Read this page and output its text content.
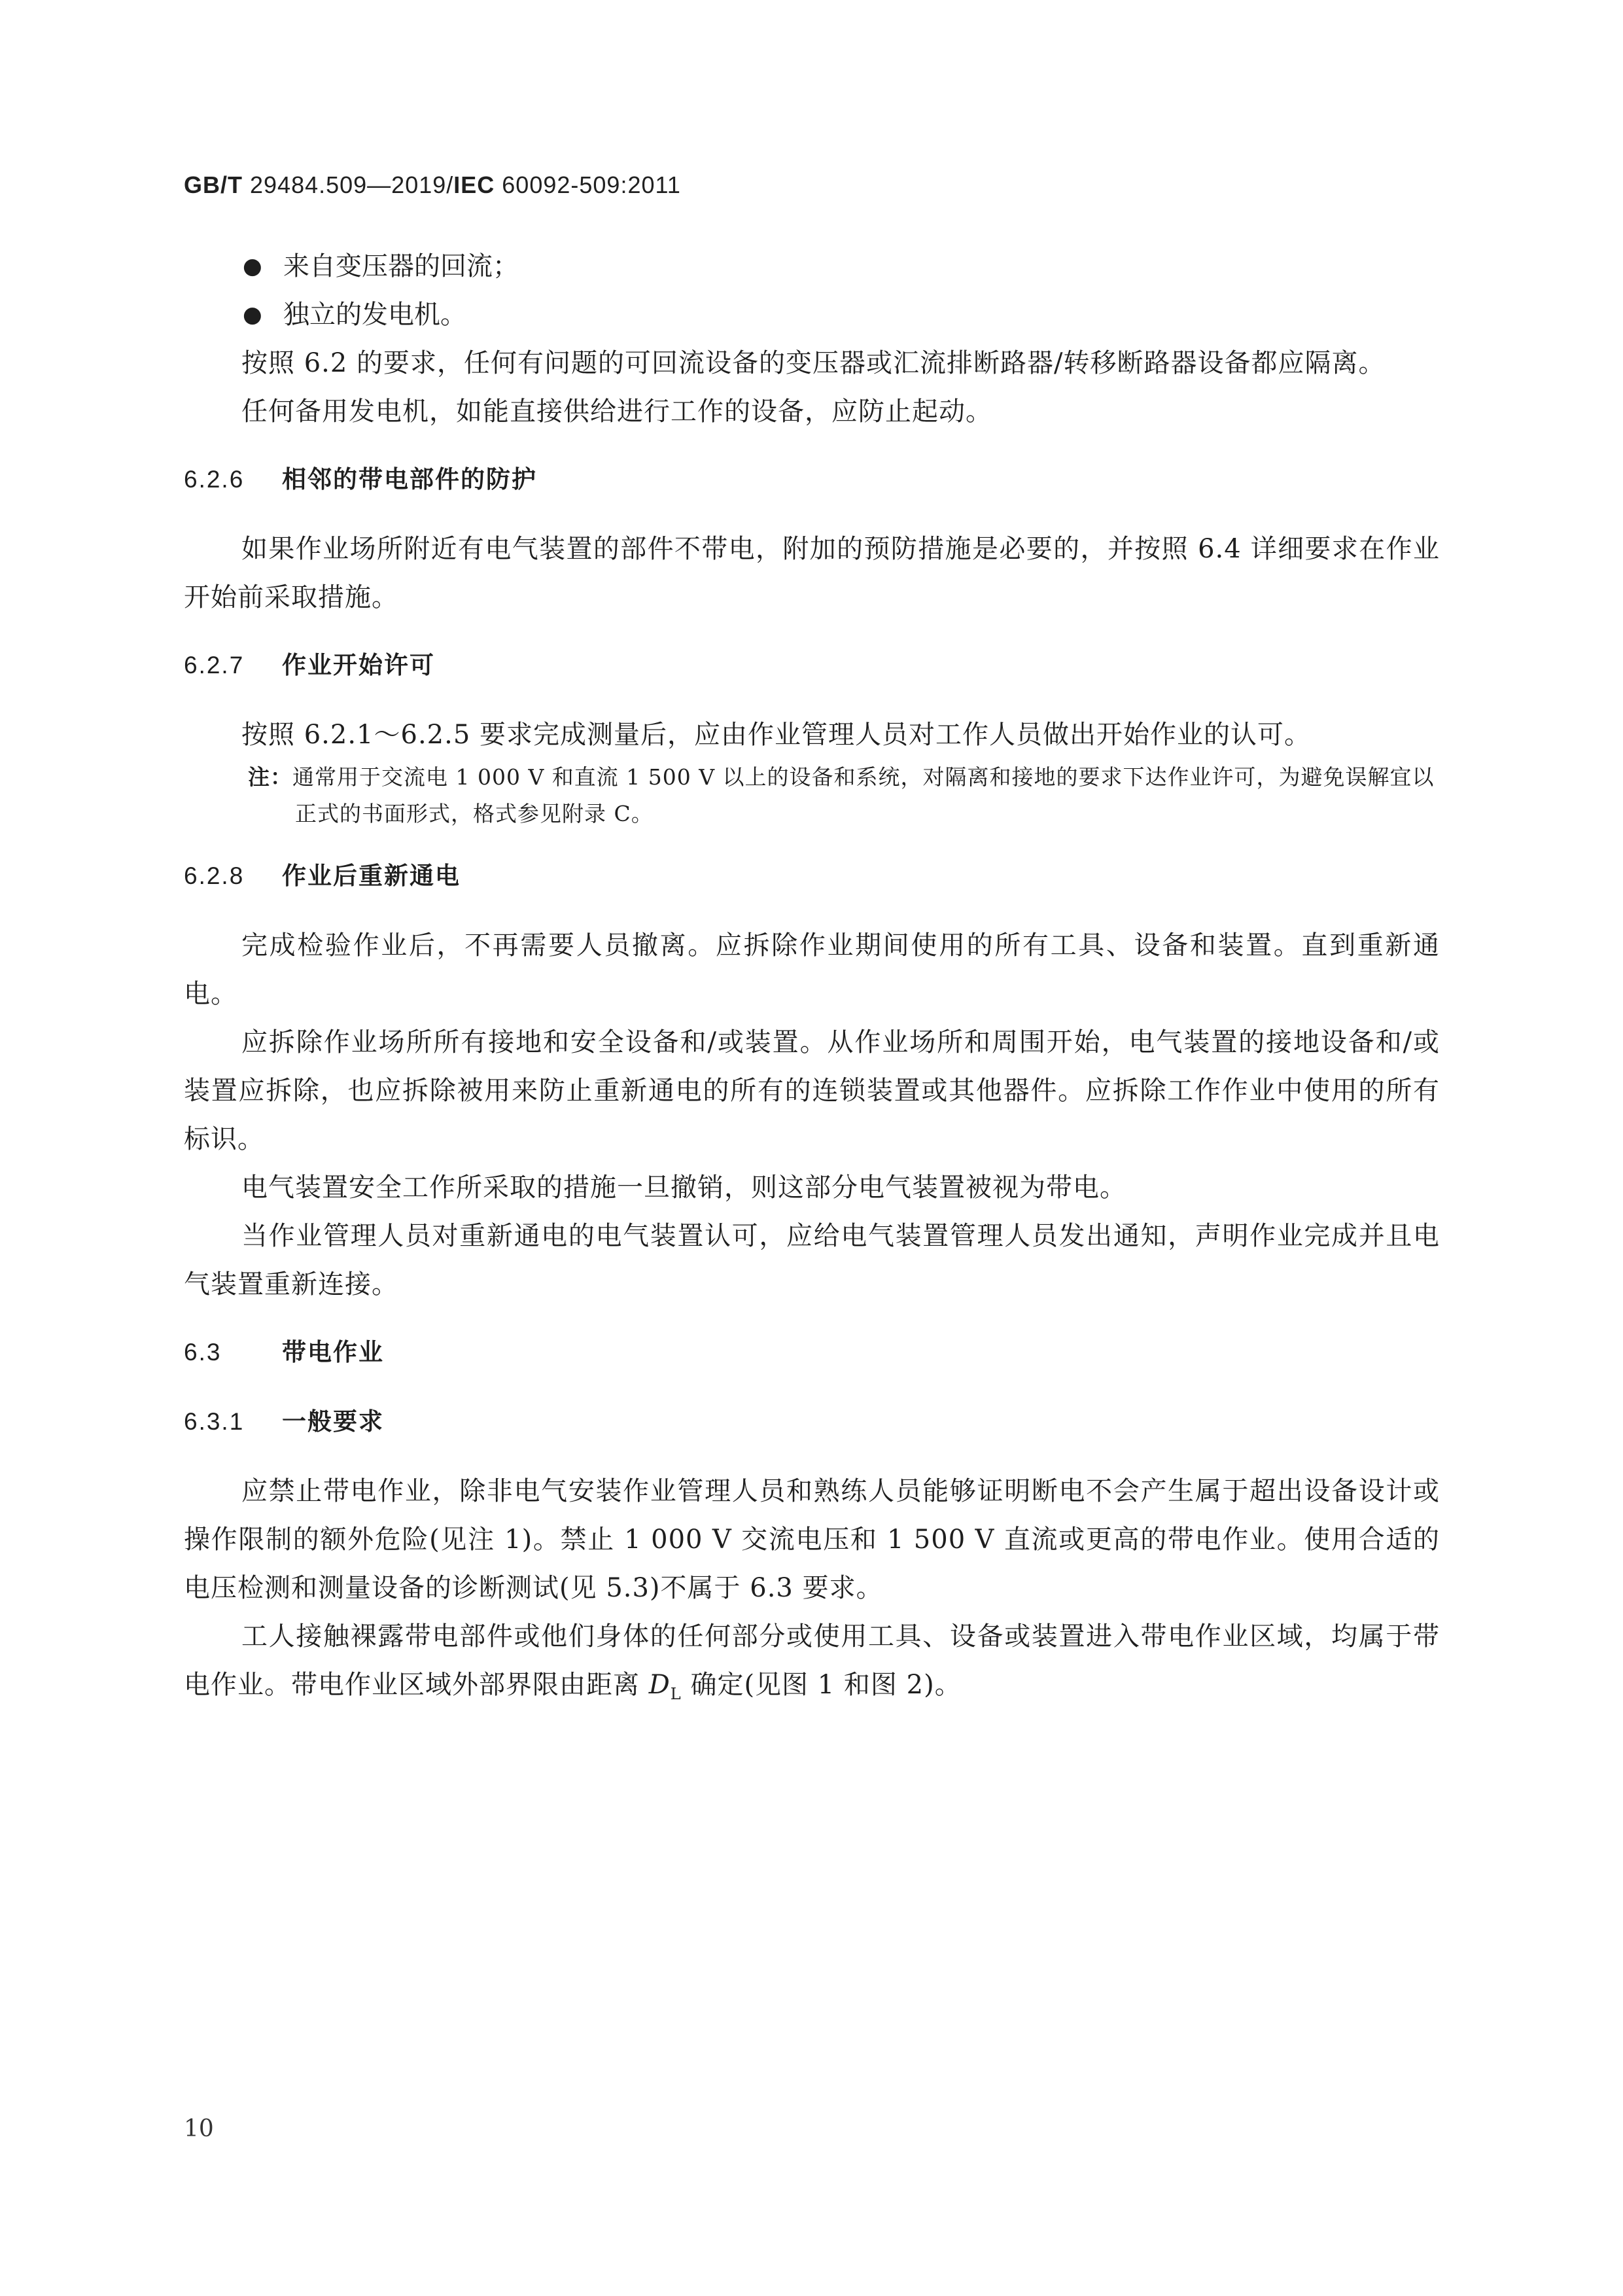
GB/T 29484.509—2019/IEC 60092-509:2011
● 来自变压器的回流；
● 独立的发电机。

按照 6.2 的要求，任何有问题的可回流设备的变压器或汇流排断路器/转移断路器设备都应隔离。

任何备用发电机，如能直接供给进行工作的设备，应防止起动。

6.2.6 相邻的带电部件的防护

如果作业场所附近有电气装置的部件不带电，附加的预防措施是必要的，并按照 6.4 详细要求在作业开始前采取措施。

6.2.7 作业开始许可

按照 6.2.1～6.2.5 要求完成测量后，应由作业管理人员对工作人员做出开始作业的认可。

注：通常用于交流电 1 000 V 和直流 1 500 V 以上的设备和系统，对隔离和接地的要求下达作业许可，为避免误解宜以正式的书面形式，格式参见附录 C。

6.2.8 作业后重新通电

完成检验作业后，不再需要人员撤离。应拆除作业期间使用的所有工具、设备和装置。直到重新通电。

应拆除作业场所所有接地和安全设备和/或装置。从作业场所和周围开始，电气装置的接地设备和/或装置应拆除，也应拆除被用来防止重新通电的所有的连锁装置或其他器件。应拆除工作作业中使用的所有标识。

电气装置安全工作所采取的措施一旦撤销，则这部分电气装置被视为带电。

当作业管理人员对重新通电的电气装置认可，应给电气装置管理人员发出通知，声明作业完成并且电气装置重新连接。

6.3	带电作业
6.3.1 一般要求

应禁止带电作业，除非电气安装作业管理人员和熟练人员能够证明断电不会产生属于超出设备设计或操作限制的额外危险(见注 1)。禁止 1 000 V 交流电压和 1 500 V 直流或更高的带电作业。使用合适的电压检测和测量设备的诊断测试(见 5.3)不属于 6.3 要求。

工人接触裸露带电部件或他们身体的任何部分或使用工具、设备或装置进入带电作业区域，均属于带电作业。带电作业区域外部界限由距离 $D_L$ 确定(见图 1 和图 2)。

10
